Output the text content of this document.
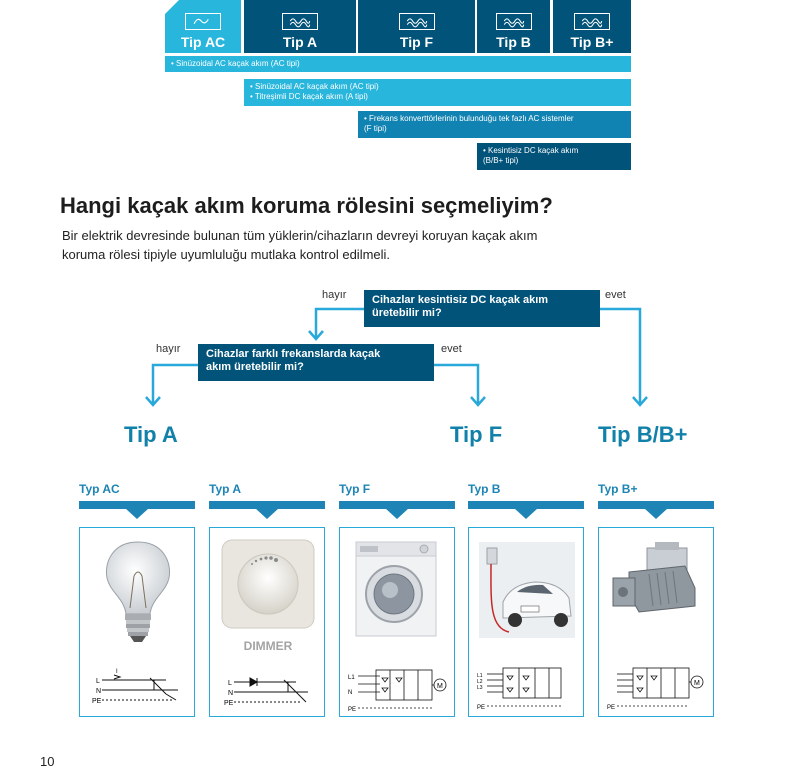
Tip AC	Tip A	Tip F	Tip B	Tip B+
• Sinüzoidal AC kaçak akım (AC tipi)
• Sinüzoidal AC kaçak akım (AC tipi)
• Titreşimli DC kaçak akım (A tipi)
• Frekans konverttörlerinin bulunduğu tek fazlı AC sistemler
(F tipi)
• Kesintisiz DC kaçak akım
(B/B+ tipi)
Hangi kaçak akım koruma rölesini seçmeliyim?
Bir elektrik devresinde bulunan tüm yüklerin/cihazların devreyi koruyan kaçak akım
koruma rölesi tipiyle uyumluluğu mutlaka kontrol edilmeli.
Cihazlar kesintisiz DC kaçak akım
üretebilir mi?
Cihazlar farklı frekanslarda kaçak
akım üretebilir mi?
hayır	evet
hayır	evet
Tip A	Tip F	Tip B/B+
Typ AC	Typ A	Typ F	Typ B	Typ B+
L
N
PE
I
DIMMER
L
N
PE
M
L1
N
PE
L1
L2
L3
PE
M
PE
10
